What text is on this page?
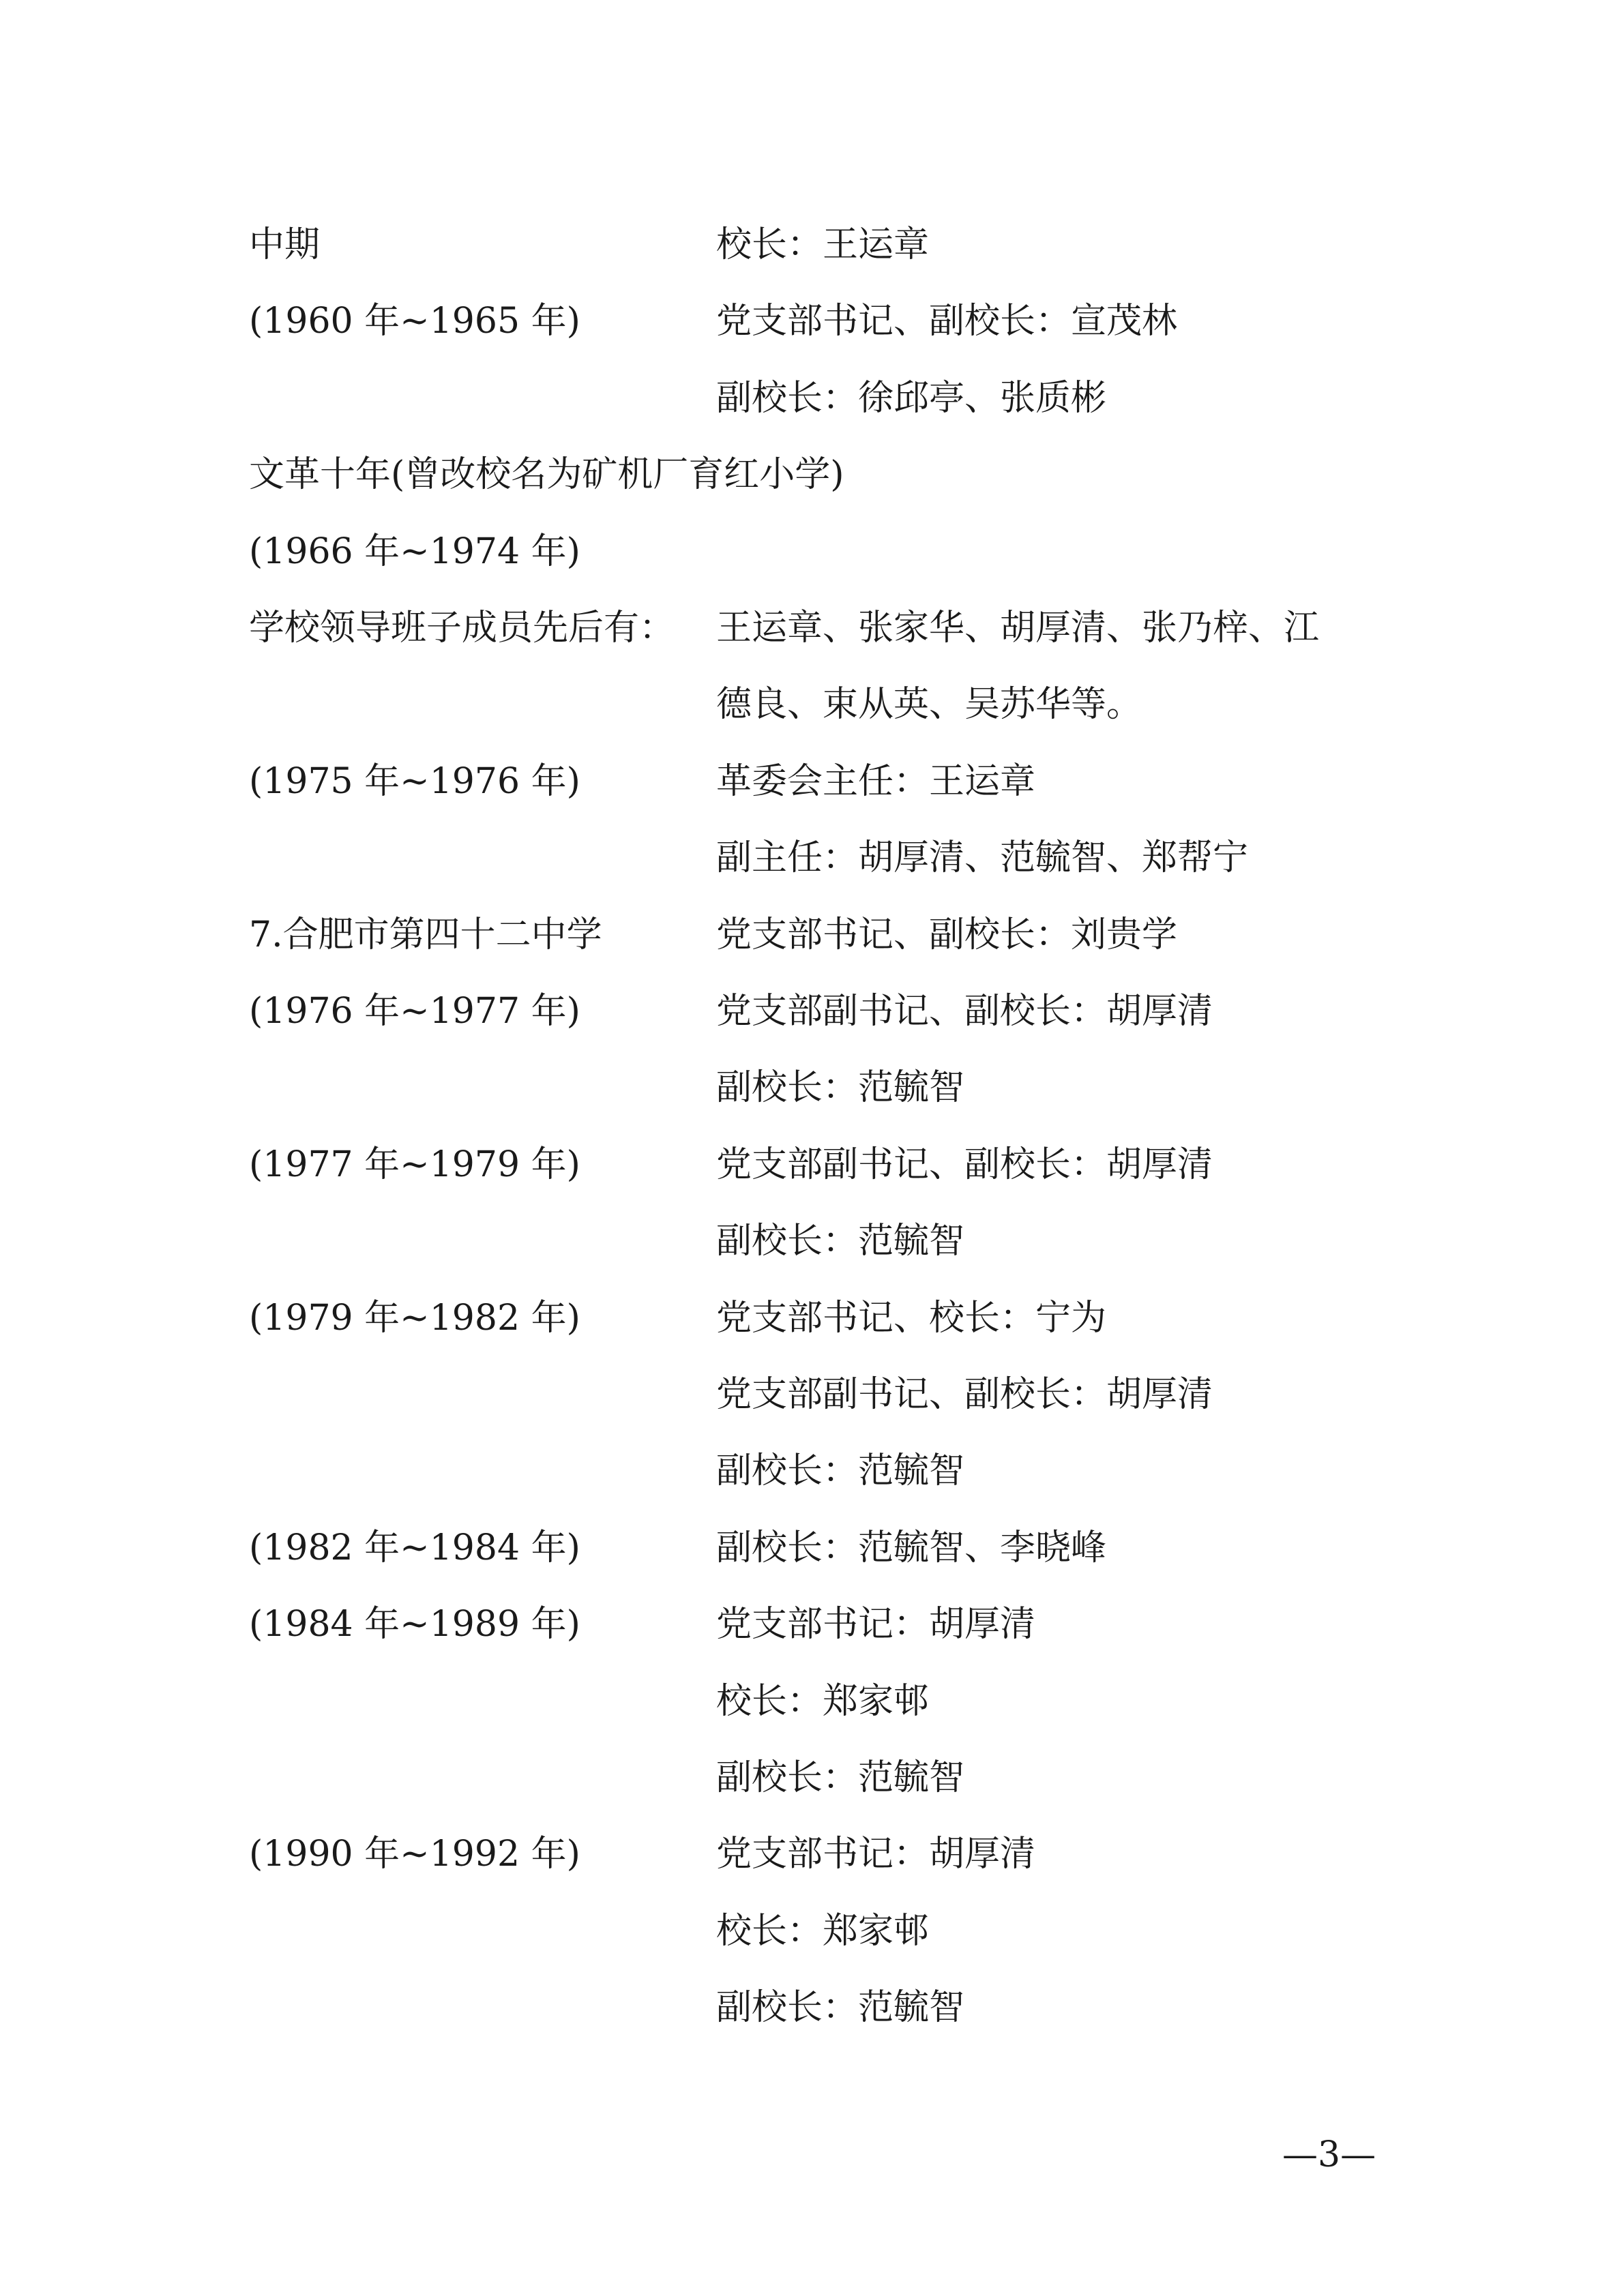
中期	校长：王运章
(1960 年~1965 年)	党支部书记、副校长：宣茂林
副校长：徐邱亭、张质彬
文革十年(曾改校名为矿机厂育红小学)
(1966 年~1974 年)
学校领导班子成员先后有： 王运章、张家华、胡厚清、张乃梓、江
德良、束从英、吴苏华等。
(1975 年~1976 年)	革委会主任：王运章
副主任：胡厚清、范毓智、郑帮宁
7.合肥市第四十二中学	党支部书记、副校长：刘贵学
(1976 年~1977 年)	党支部副书记、副校长：胡厚清
副校长：范毓智
(1977 年~1979 年)	党支部副书记、副校长：胡厚清
副校长：范毓智
(1979 年~1982 年)	党支部书记、校长：宁为
党支部副书记、副校长：胡厚清
副校长：范毓智
(1982 年~1984 年)	副校长：范毓智、李晓峰
(1984 年~1989 年)	党支部书记：胡厚清
校长：郑家邨
副校长：范毓智
(1990 年~1992 年)	党支部书记：胡厚清
校长：郑家邨
副校长：范毓智
—3—
